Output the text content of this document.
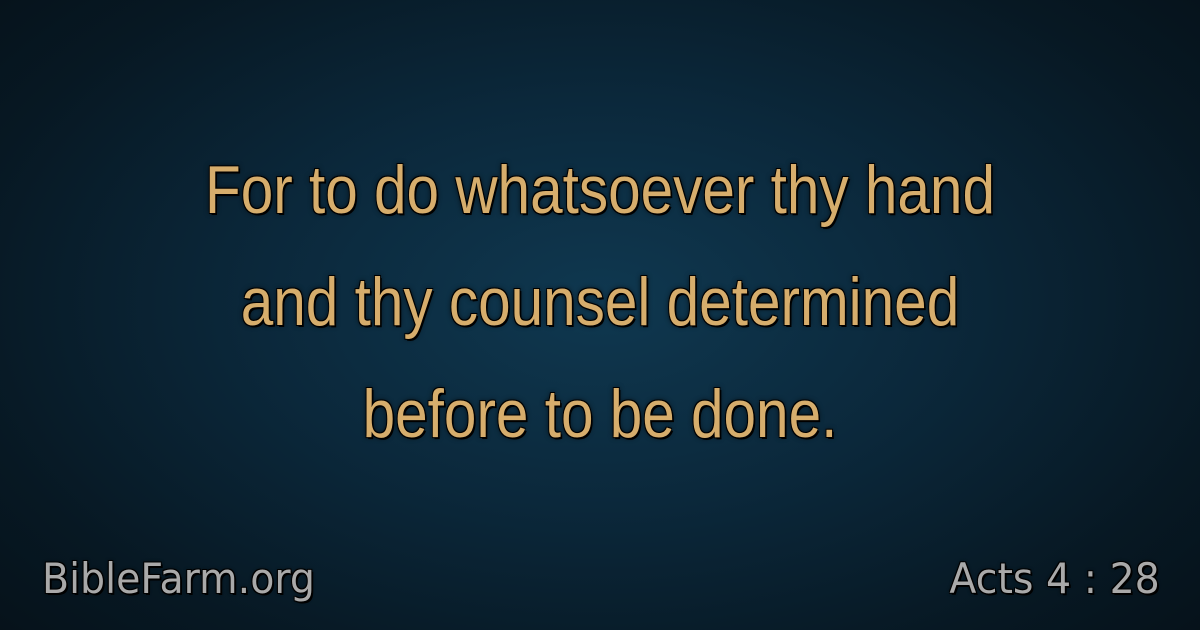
For to do whatsoever thy hand
and thy counsel determined
before to be done.

BibleFarm.org	Acts 4 : 28
